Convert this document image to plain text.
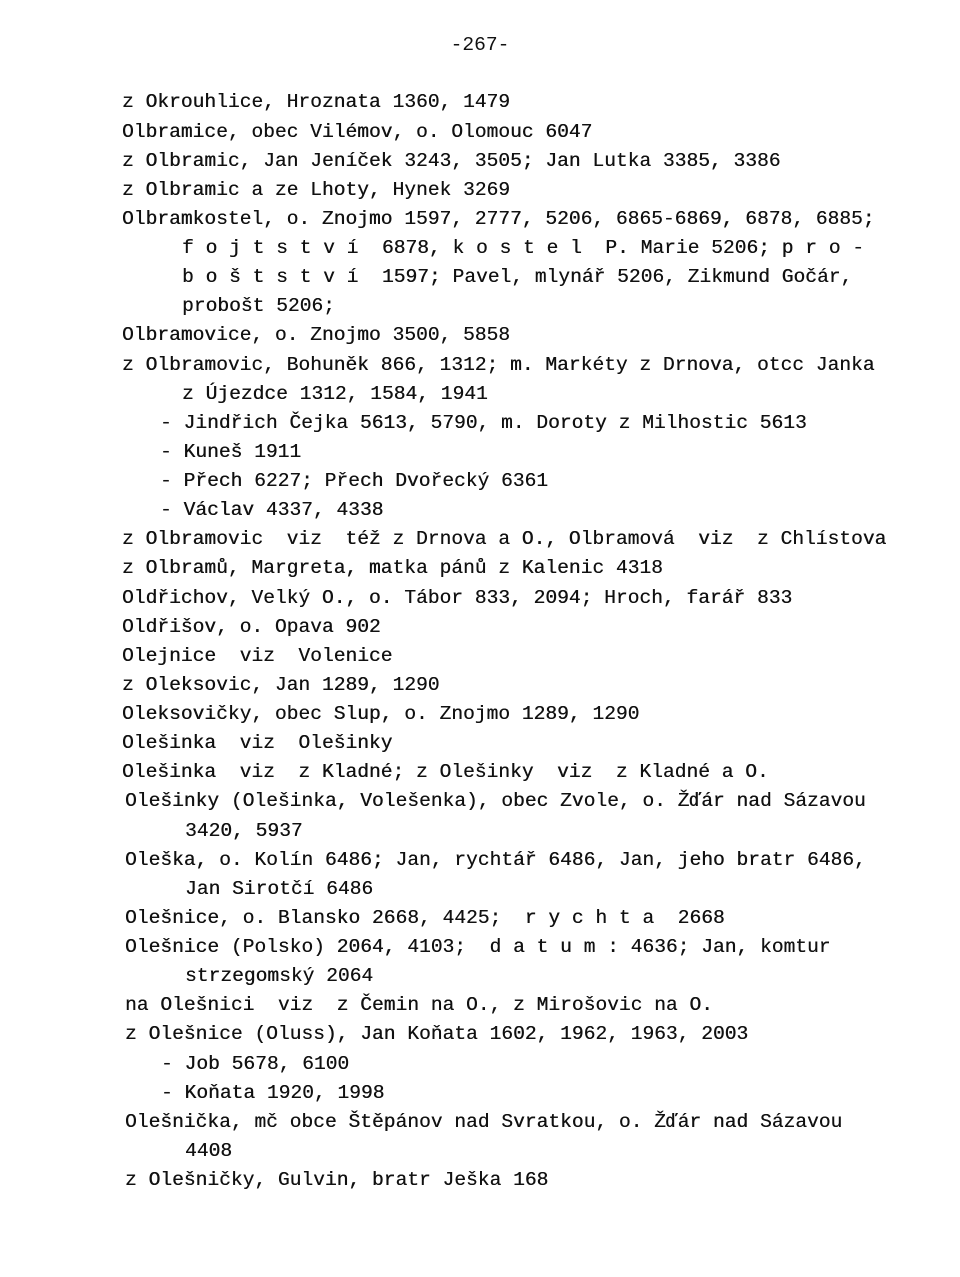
-267-
z Okrouhlice, Hroznata 1360, 1479
Olbramice, obec Vilémov, o. Olomouc 6047
z Olbramic, Jan Jeníček 3243, 3505; Jan Lutka 3385, 3386
z Olbramic a ze Lhoty, Hynek 3269
Olbramkostel, o. Znojmo 1597, 2777, 5206, 6865-6869, 6878, 6885;
f o j t s t v í  6878, k o s t e l  P. Marie 5206; p r o -
b o š t s t v í  1597; Pavel, mlynář 5206, Zikmund Gočár,
probošt 5206;
Olbramovice, o. Znojmo 3500, 5858
z Olbramovic, Bohuněk 866, 1312; m. Markéty z Drnova, otcc Janka
z Újezdce 1312, 1584, 1941
- Jindřich Čejka 5613, 5790, m. Doroty z Milhostic 5613
- Kuneš 1911
- Přech 6227; Přech Dvořecký 6361
- Václav 4337, 4338
z Olbramovic  viz  též z Drnova a O., Olbramová  viz  z Chlístova
z Olbramů, Margreta, matka pánů z Kalenic 4318
Oldřichov, Velký O., o. Tábor 833, 2094; Hroch, farář 833
Oldřišov, o. Opava 902
Olejnice  viz  Volenice
z Oleksovic, Jan 1289, 1290
Oleksovičky, obec Slup, o. Znojmo 1289, 1290
Olešinka  viz  Olešinky
Olešinka  viz  z Kladné; z Olešinky  viz  z Kladné a O.
Olešinky (Olešinka, Volešenka), obec Zvole, o. Žďár nad Sázavou
3420, 5937
Oleška, o. Kolín 6486; Jan, rychtář 6486, Jan, jeho bratr 6486,
Jan Sirotčí 6486
Olešnice, o. Blansko 2668, 4425;  r y c h t a  2668
Olešnice (Polsko) 2064, 4103;  d a t u m : 4636; Jan, komtur
strzegomský 2064
na Olešnici  viz  z Čemin na O., z Mirošovic na O.
z Olešnice (Oluss), Jan Koňata 1602, 1962, 1963, 2003
- Job 5678, 6100
- Koňata 1920, 1998
Olešnička, mč obce Štěpánov nad Svratkou, o. Žďár nad Sázavou
4408
z Olešničky, Gulvin, bratr Ješka 168
